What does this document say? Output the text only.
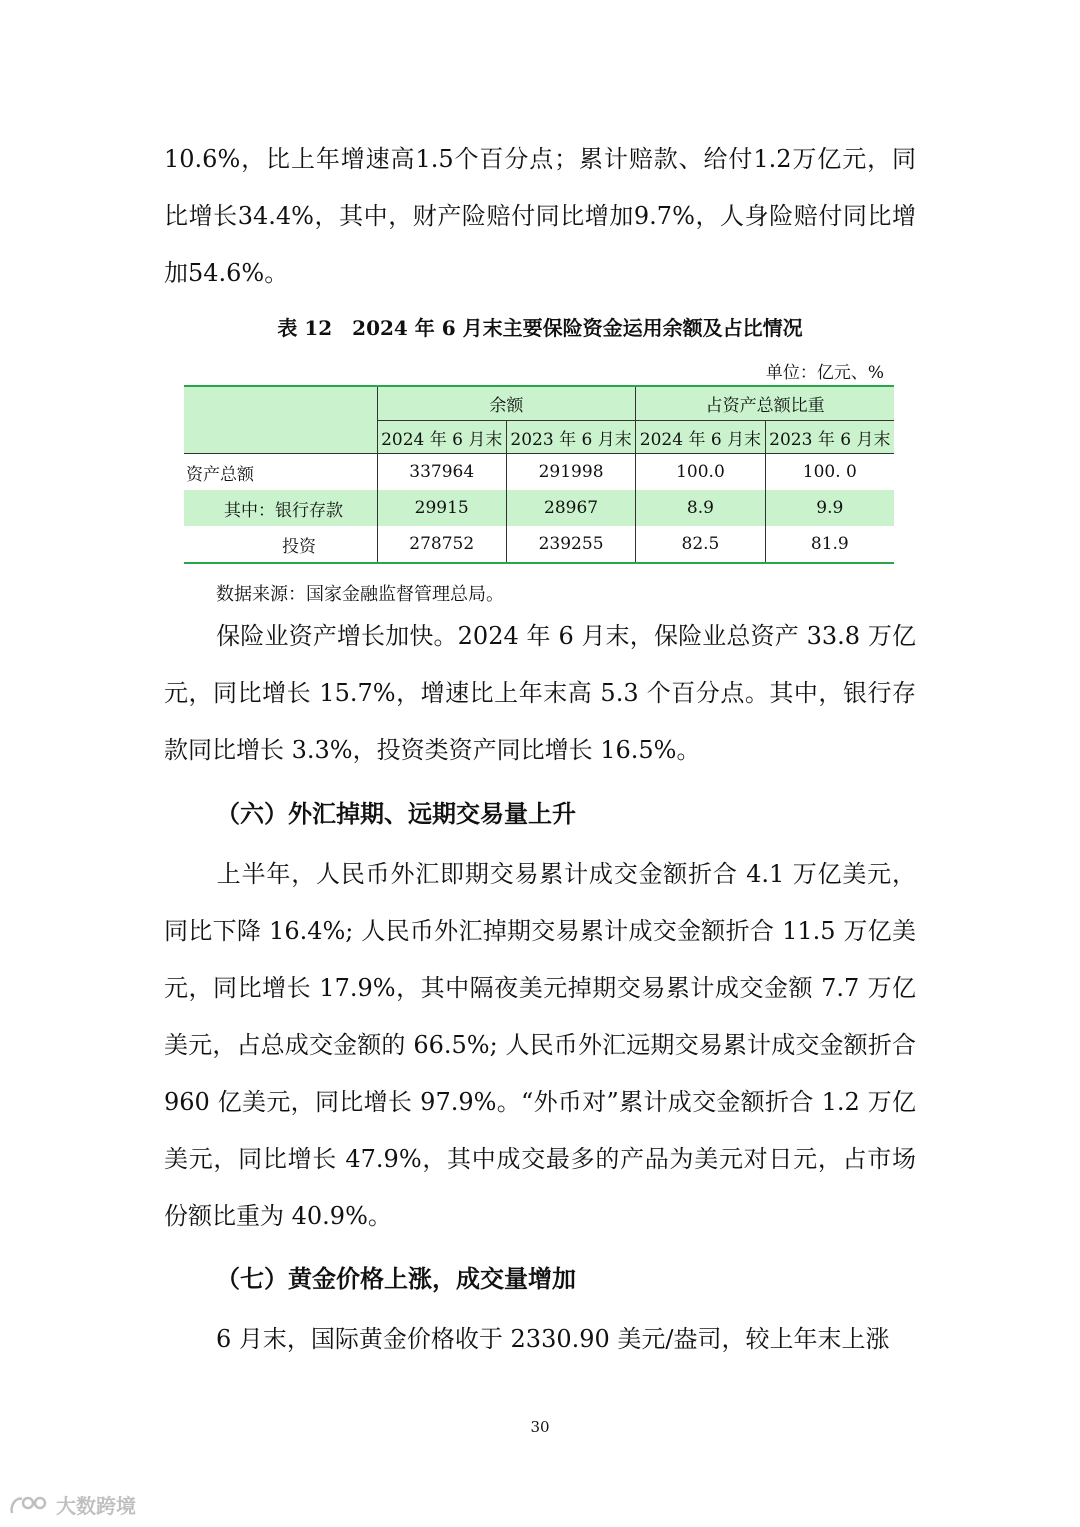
10.6%，比上年增速高1.5个百分点；累计赔款、给付1.2万亿元，同比增长34.4%，其中，财产险赔付同比增加9.7%，人身险赔付同比增加54.6%。

表 12　2024 年 6 月末主要保险资金运用余额及占比情况
单位：亿元、%
	余额		占资产总额比重	
	2024 年 6 月末	2023 年 6 月末	2024 年 6 月末	2023 年 6 月末
资产总额	337964	291998	100.0	100. 0
其中：银行存款	29915	28967	8.9	9.9
投资	278752	239255	82.5	81.9
数据来源：国家金融监督管理总局。

保险业资产增长加快。2024 年 6 月末，保险业总资产 33.8 万亿元，同比增长 15.7%，增速比上年末高 5.3 个百分点。其中，银行存款同比增长 3.3%，投资类资产同比增长 16.5%。

（六）外汇掉期、远期交易量上升

上半年，人民币外汇即期交易累计成交金额折合 4.1 万亿美元，同比下降 16.4%; 人民币外汇掉期交易累计成交金额折合 11.5 万亿美元，同比增长 17.9%，其中隔夜美元掉期交易累计成交金额 7.7 万亿美元，占总成交金额的 66.5%; 人民币外汇远期交易累计成交金额折合 960 亿美元，同比增长 97.9%。“外币对”累计成交金额折合 1.2 万亿美元，同比增长 47.9%，其中成交最多的产品为美元对日元，占市场份额比重为 40.9%。

（七）黄金价格上涨，成交量增加

6 月末，国际黄金价格收于 2330.90 美元/盎司，较上年末上涨

30
大数跨境
